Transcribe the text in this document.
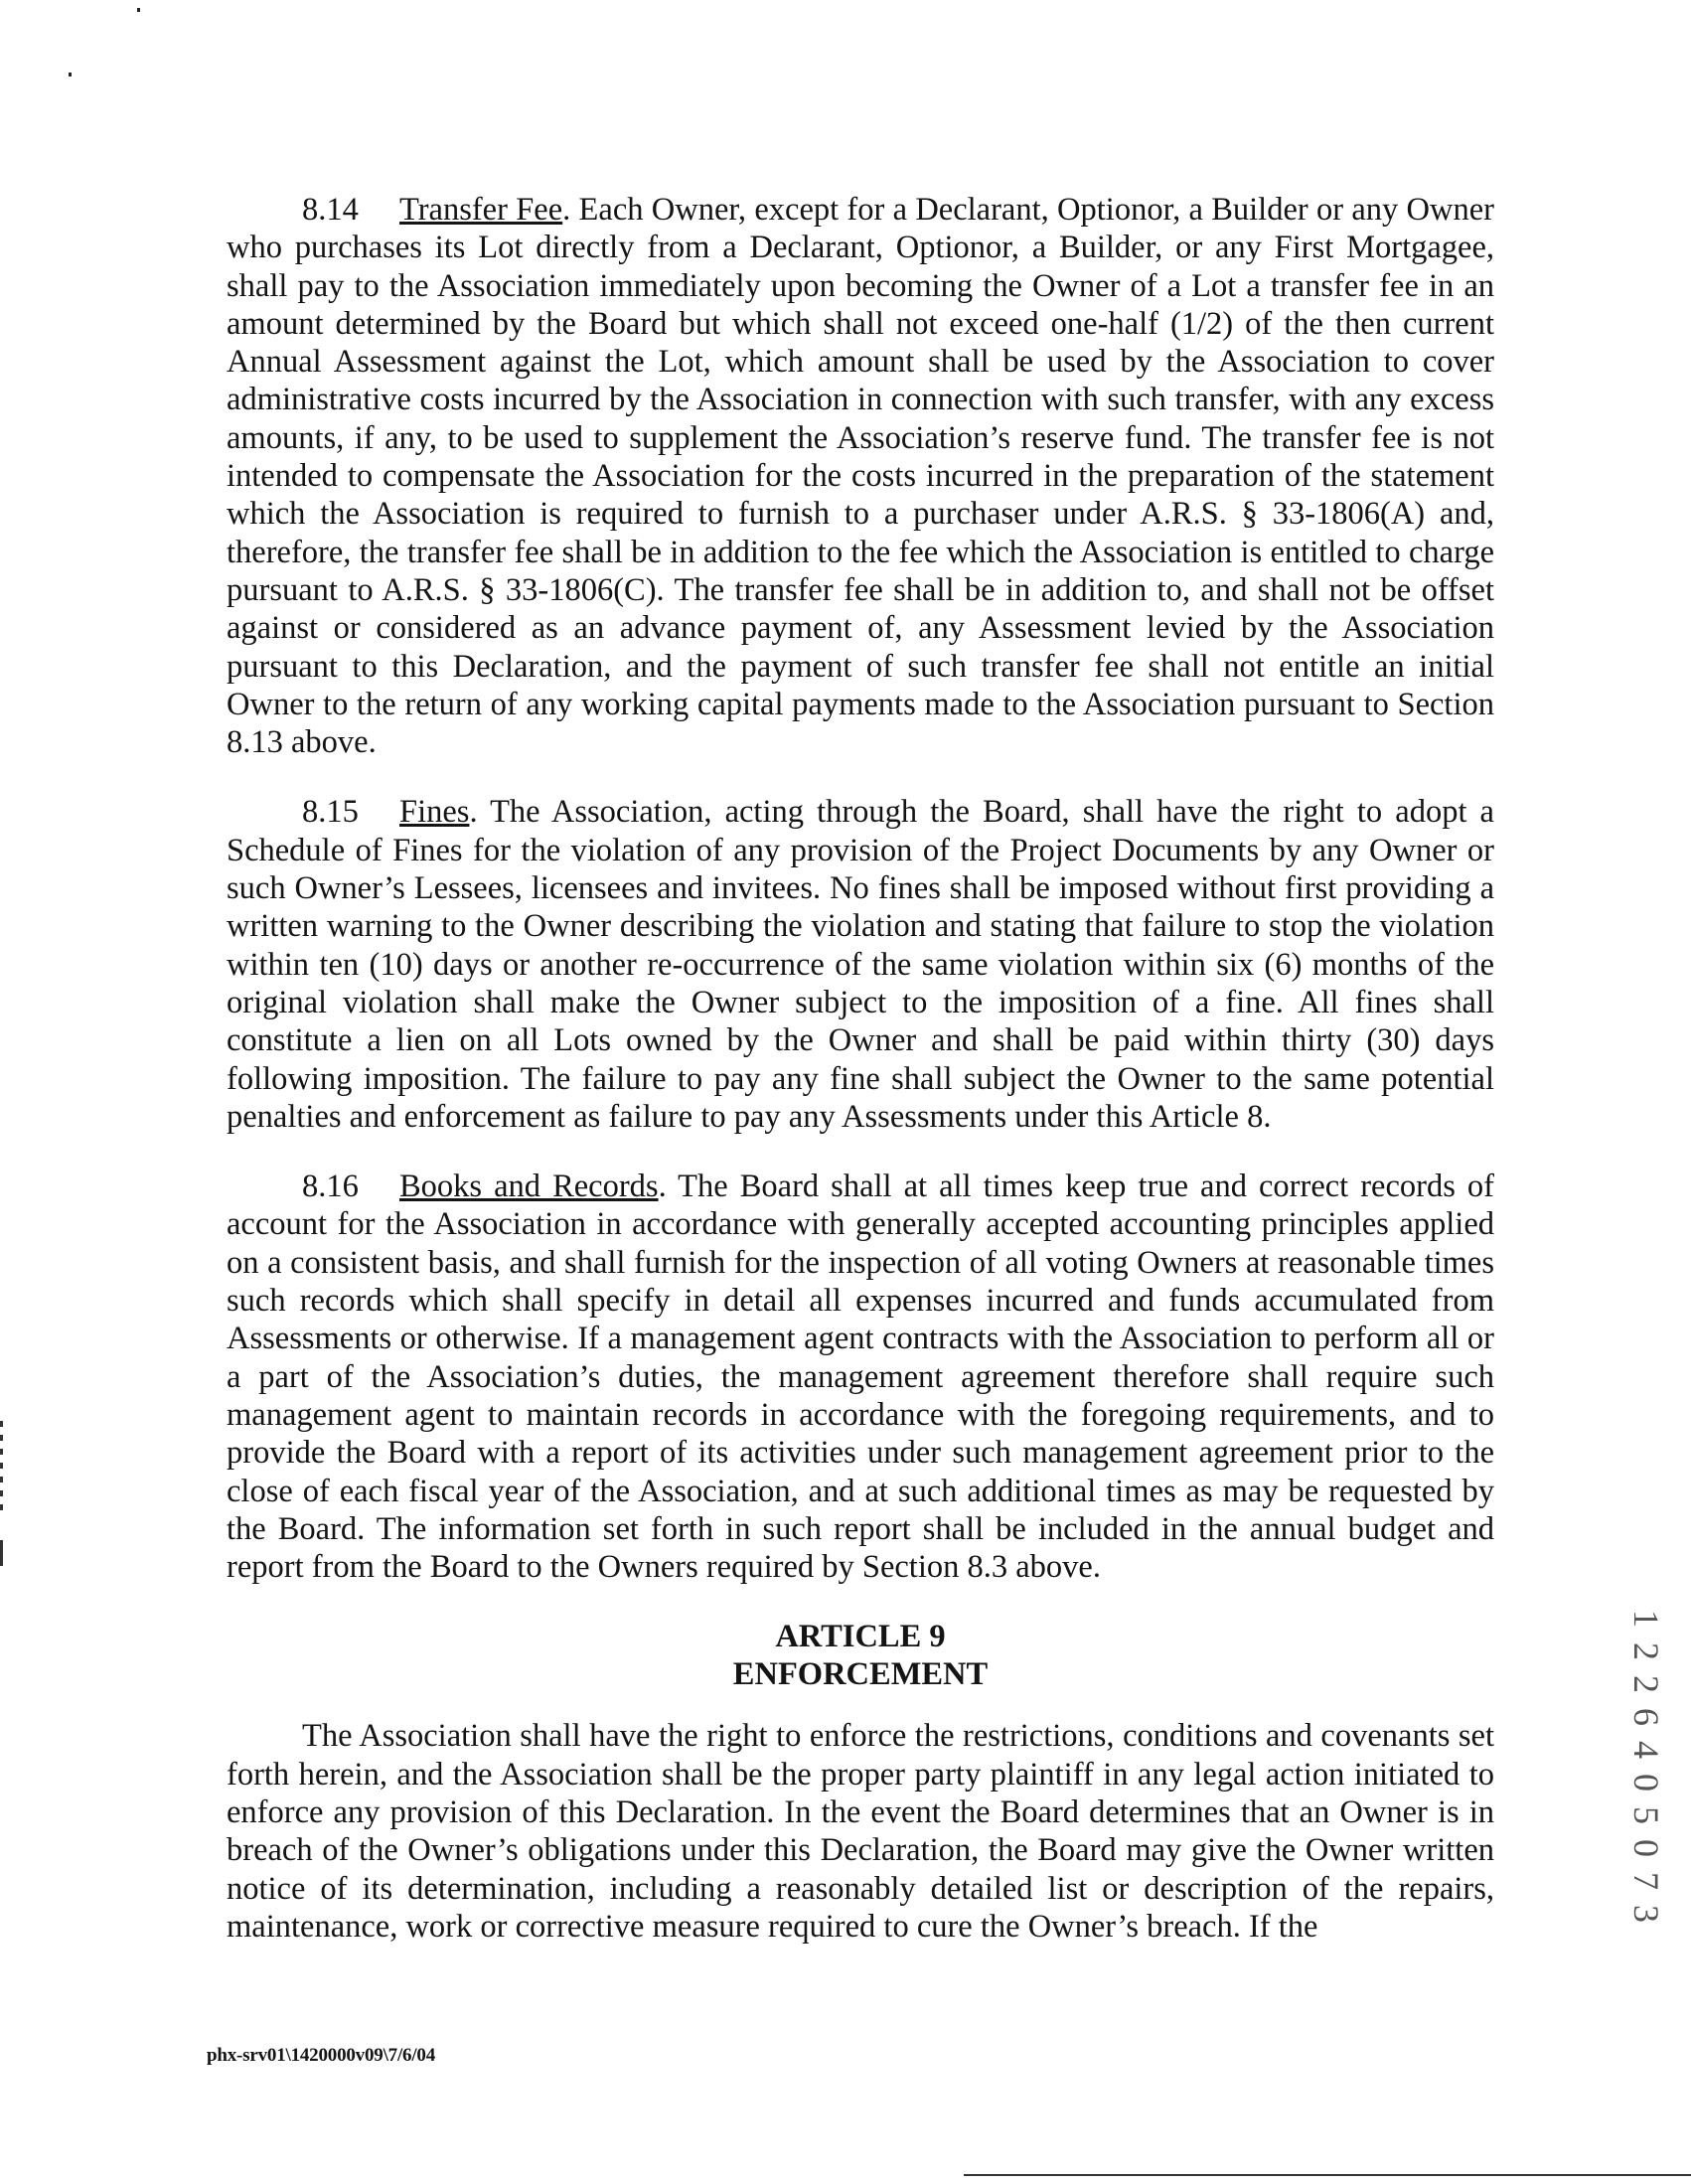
8.14 Transfer Fee. Each Owner, except for a Declarant, Optionor, a Builder or any Owner who purchases its Lot directly from a Declarant, Optionor, a Builder, or any First Mortgagee, shall pay to the Association immediately upon becoming the Owner of a Lot a transfer fee in an amount determined by the Board but which shall not exceed one-half (1/2) of the then current Annual Assessment against the Lot, which amount shall be used by the Association to cover administrative costs incurred by the Association in connection with such transfer, with any excess amounts, if any, to be used to supplement the Association’s reserve fund. The transfer fee is not intended to compensate the Association for the costs incurred in the preparation of the statement which the Association is required to furnish to a purchaser under A.R.S. § 33-1806(A) and, therefore, the transfer fee shall be in addition to the fee which the Association is entitled to charge pursuant to A.R.S. § 33-1806(C). The transfer fee shall be in addition to, and shall not be offset against or considered as an advance payment of, any Assessment levied by the Association pursuant to this Declaration, and the payment of such transfer fee shall not entitle an initial Owner to the return of any working capital payments made to the Association pursuant to Section 8.13 above.

8.15 Fines. The Association, acting through the Board, shall have the right to adopt a Schedule of Fines for the violation of any provision of the Project Documents by any Owner or such Owner’s Lessees, licensees and invitees. No fines shall be imposed without first providing a written warning to the Owner describing the violation and stating that failure to stop the violation within ten (10) days or another re-occurrence of the same violation within six (6) months of the original violation shall make the Owner subject to the imposition of a fine. All fines shall constitute a lien on all Lots owned by the Owner and shall be paid within thirty (30) days following imposition. The failure to pay any fine shall subject the Owner to the same potential penalties and enforcement as failure to pay any Assessments under this Article 8.

8.16 Books and Records. The Board shall at all times keep true and correct records of account for the Association in accordance with generally accepted accounting principles applied on a consistent basis, and shall furnish for the inspection of all voting Owners at reasonable times such records which shall specify in detail all expenses incurred and funds accumulated from Assessments or otherwise. If a management agent contracts with the Association to perform all or a part of the Association’s duties, the management agreement therefore shall require such management agent to maintain records in accordance with the foregoing requirements, and to provide the Board with a report of its activities under such management agreement prior to the close of each fiscal year of the Association, and at such additional times as may be requested by the Board. The information set forth in such report shall be included in the annual budget and report from the Board to the Owners required by Section 8.3 above.

ARTICLE 9
ENFORCEMENT

The Association shall have the right to enforce the restrictions, conditions and covenants set forth herein, and the Association shall be the proper party plaintiff in any legal action initiated to enforce any provision of this Declaration. In the event the Board determines that an Owner is in breach of the Owner’s obligations under this Declaration, the Board may give the Owner written notice of its determination, including a reasonably detailed list or description of the repairs, maintenance, work or corrective measure required to cure the Owner’s breach. If the

phx-srv01\1420000v09\7/6/04
1 2 2 6 4 0 5 0 7 3
